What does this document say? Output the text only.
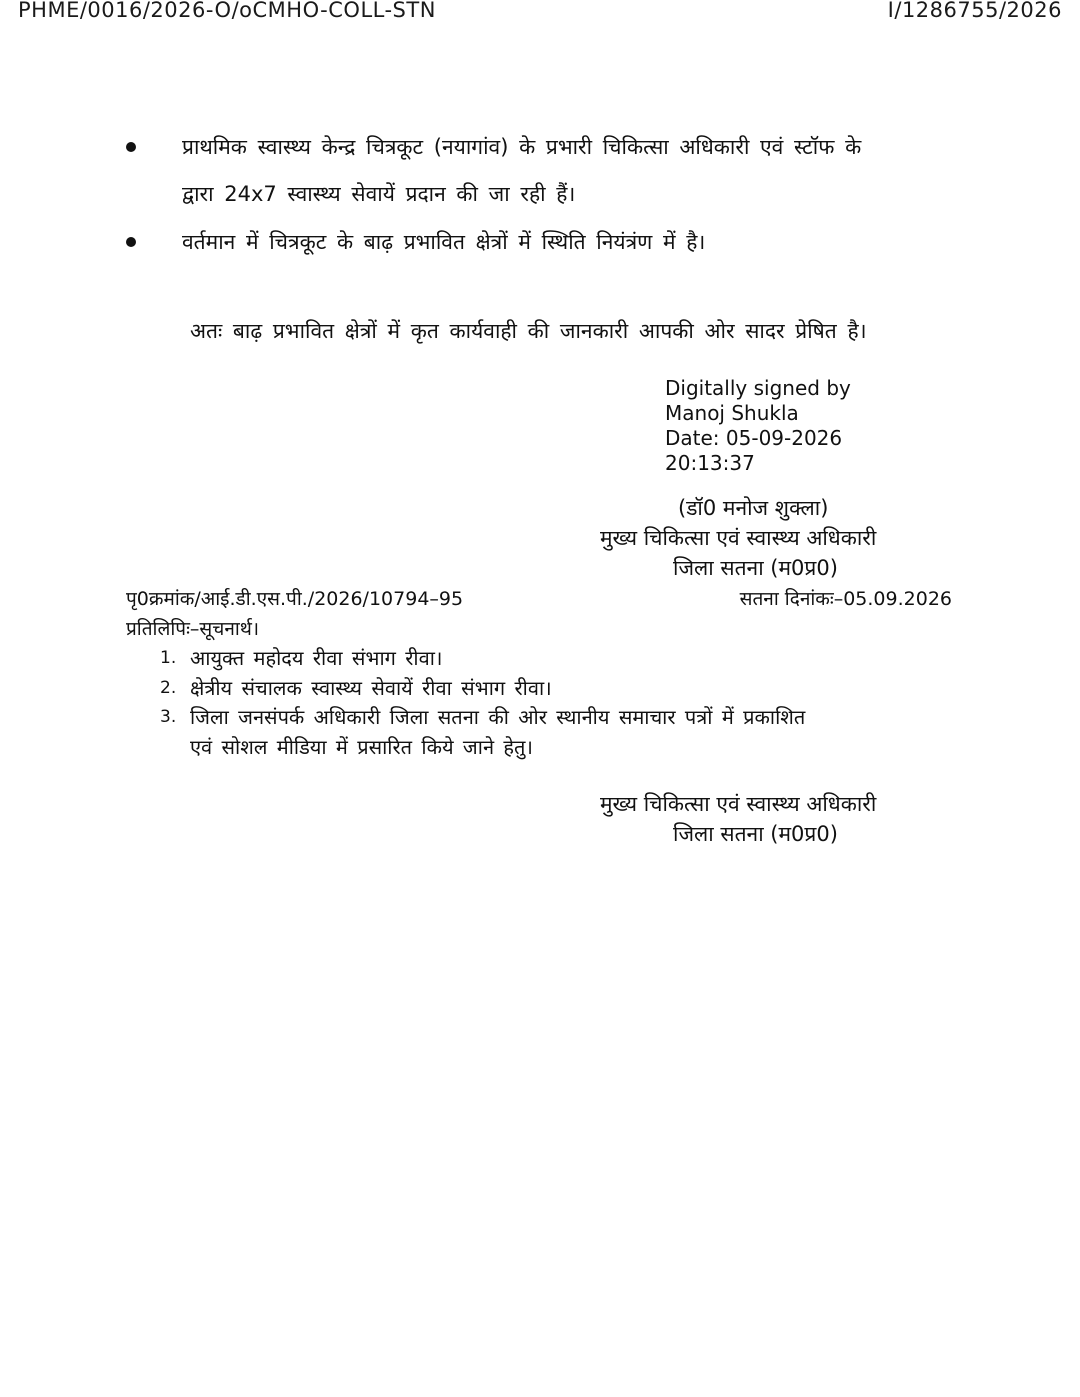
PHME/0016/2026-O/oCMHO-COLL-STN	I/1286755/2026
प्राथमिक स्वास्थ्य केन्द्र चित्रकूट (नयागांव) के प्रभारी चिकित्सा अधिकारी एवं स्टॉफ के
द्वारा 24x7 स्वास्थ्य सेवायें प्रदान की जा रही हैं।
वर्तमान में चित्रकूट के बाढ़ प्रभावित क्षेत्रों में स्थिति नियंत्रंण में है।
अतः बाढ़ प्रभावित क्षेत्रों में कृत कार्यवाही की जानकारी आपकी ओर सादर प्रेषित है।
Digitally signed by
Manoj Shukla
Date: 05-09-2026
20:13:37
(डॉ0 मनोज शुक्ला)
मुख्य चिकित्सा एवं स्वास्थ्य अधिकारी
जिला सतना (म0प्र0)
पृ0क्रमांक/आई.डी.एस.पी./2026/10794–95	सतना दिनांकः–05.09.2026
प्रतिलिपिः–सूचनार्थ।
1. आयुक्त महोदय रीवा संभाग रीवा।
2. क्षेत्रीय संचालक स्वास्थ्य सेवायें रीवा संभाग रीवा।
3. जिला जनसंपर्क अधिकारी जिला सतना की ओर स्थानीय समाचार पत्रों में प्रकाशित
एवं सोशल मीडिया में प्रसारित किये जाने हेतु।
मुख्य चिकित्सा एवं स्वास्थ्य अधिकारी
जिला सतना (म0प्र0)
